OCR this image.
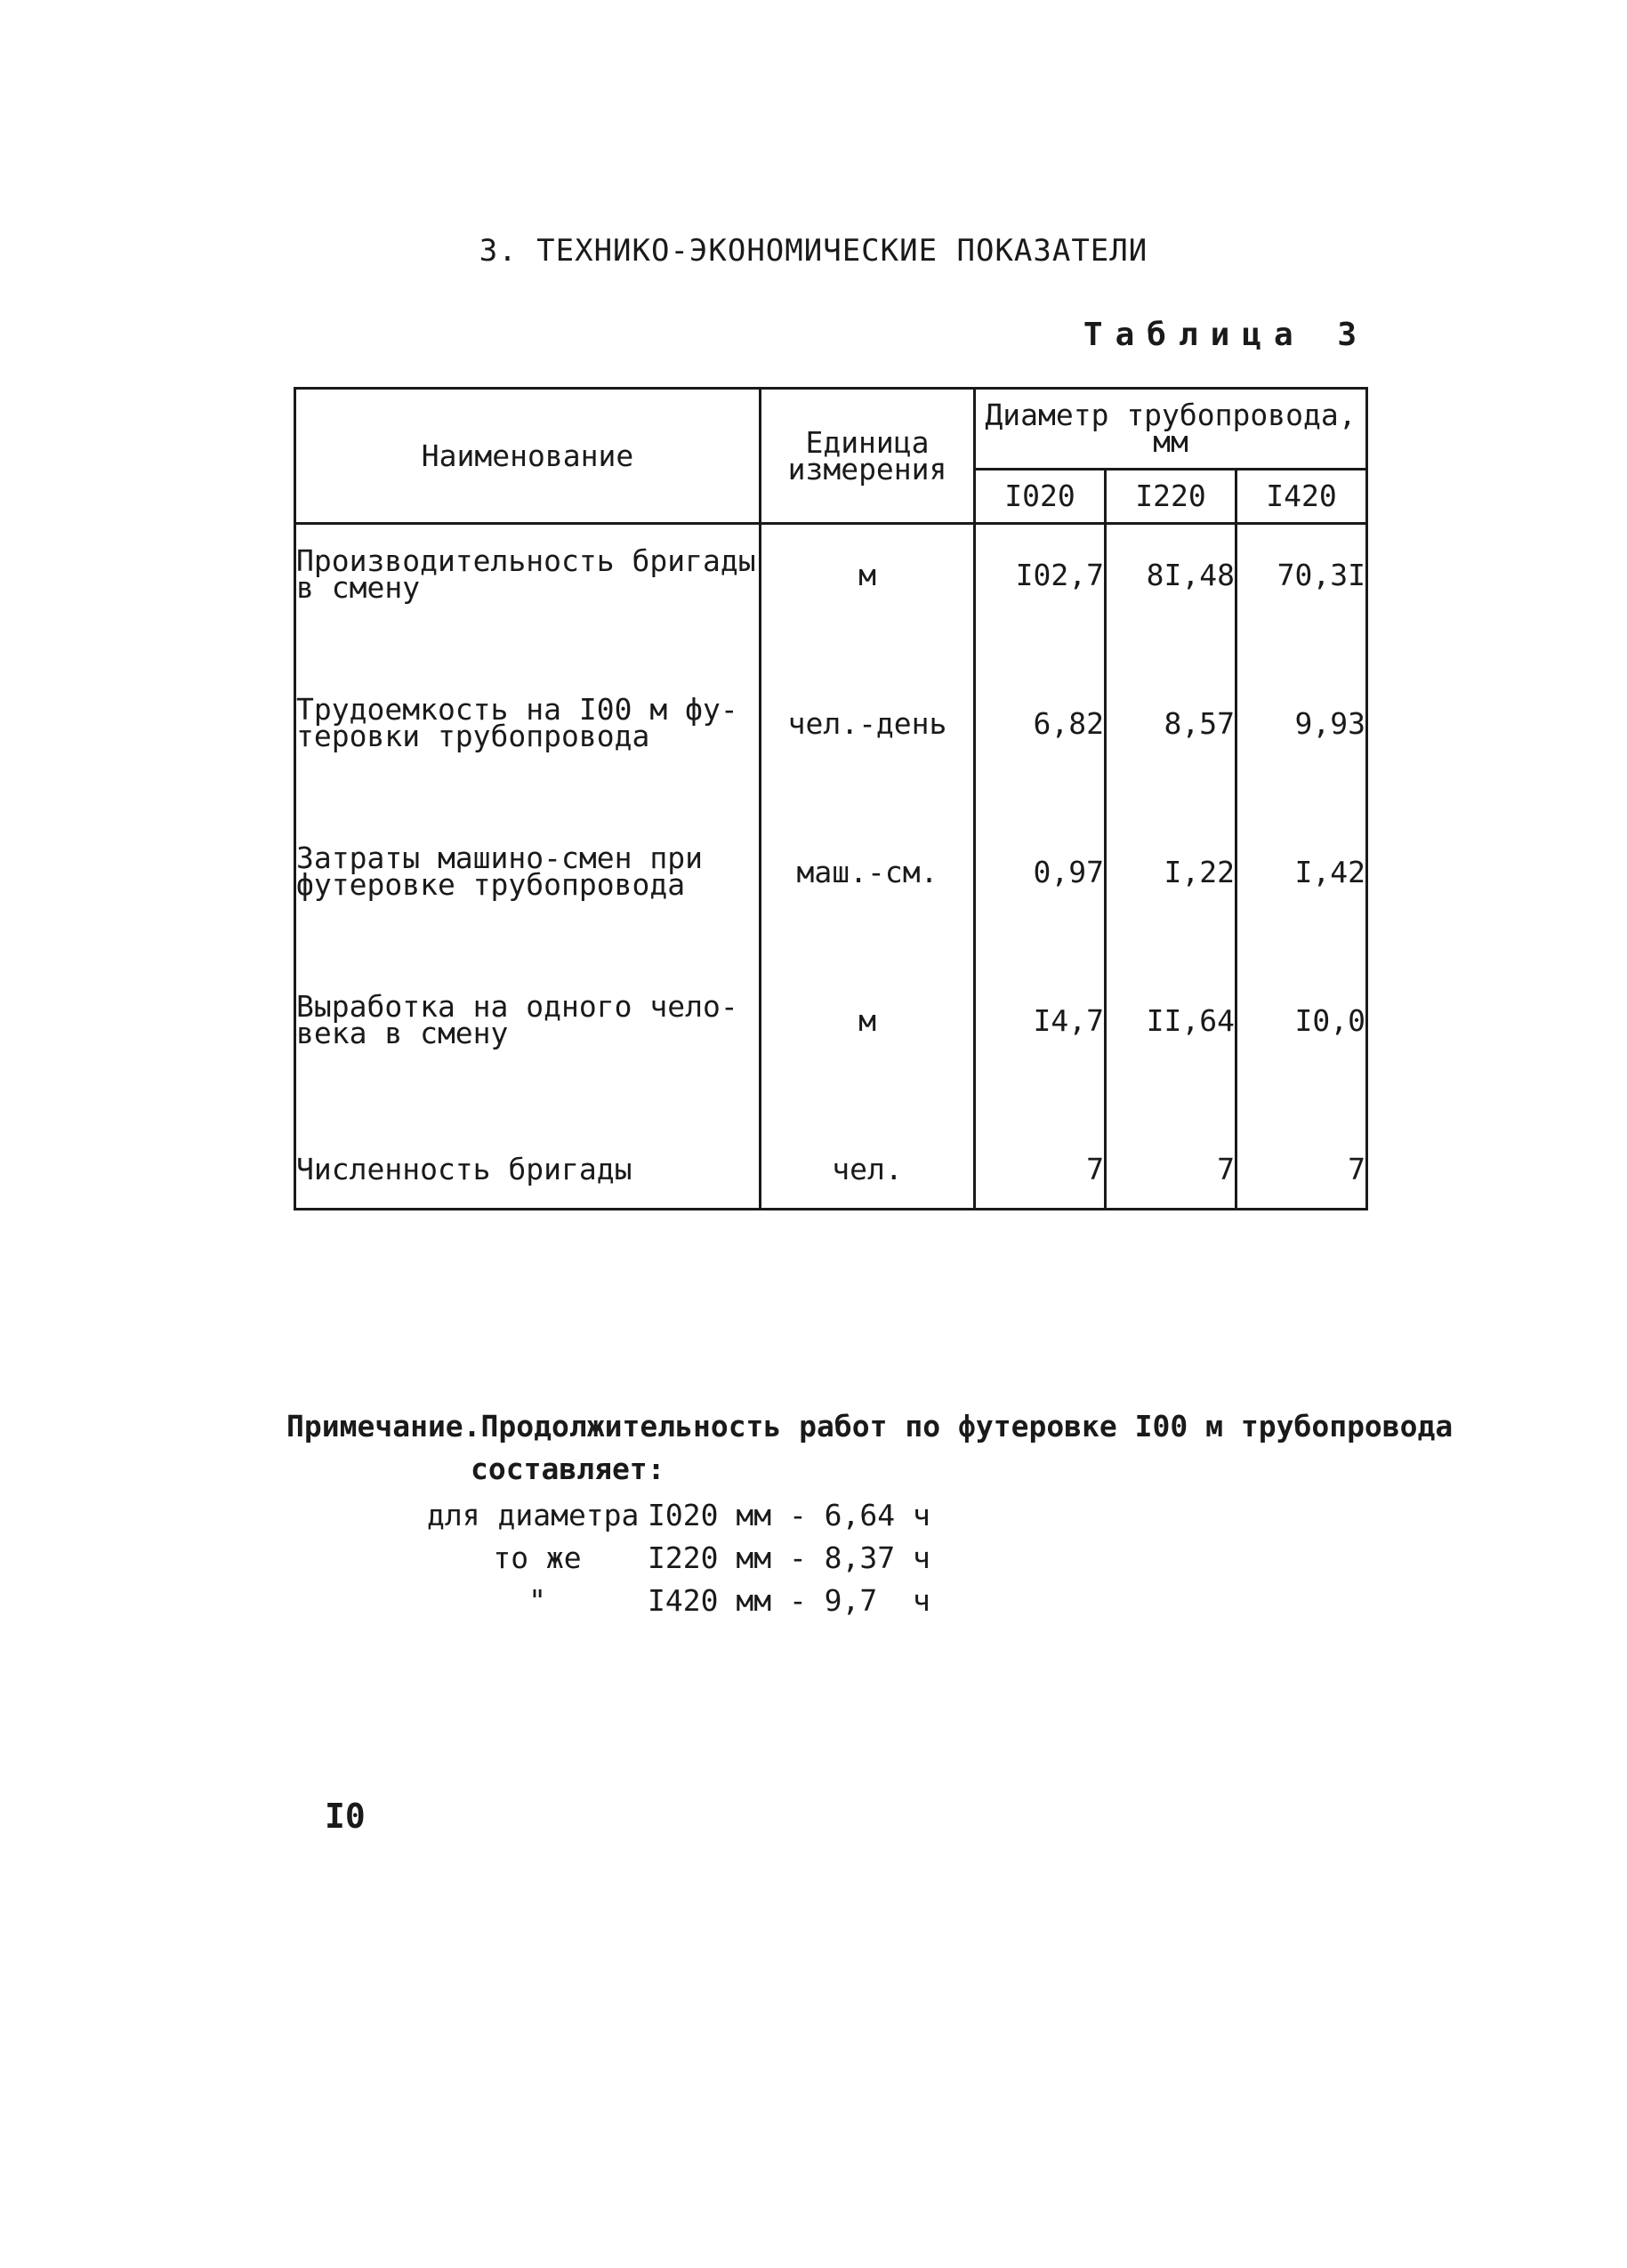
3. ТЕХНИКО-ЭКОНОМИЧЕСКИЕ ПОКАЗАТЕЛИ
Таблица 3
Наименование	Единица измерения	Диаметр трубопровода, мм		
		I020	I220	I420

Производительность бригады в смену	м	I02,7	8I,48	70,3I

Трудоемкость на I00 м футеровки трубопровода	чел.-день	6,82	8,57	9,93

Затраты машино-смен при футеровке трубопровода	маш.-см.	0,97	I,22	I,42

Выработка на одного человека в смену	м	I4,7	II,64	I0,0

Численность бригады	чел.	7	7	7
Примечание.Продолжительность работ по футеровке I00 м трубопровода
составляет:
для диаметра I020 мм - 6,64 ч
то же	I220 мм - 8,37 ч
"	I420 мм - 9,7  ч
I0
